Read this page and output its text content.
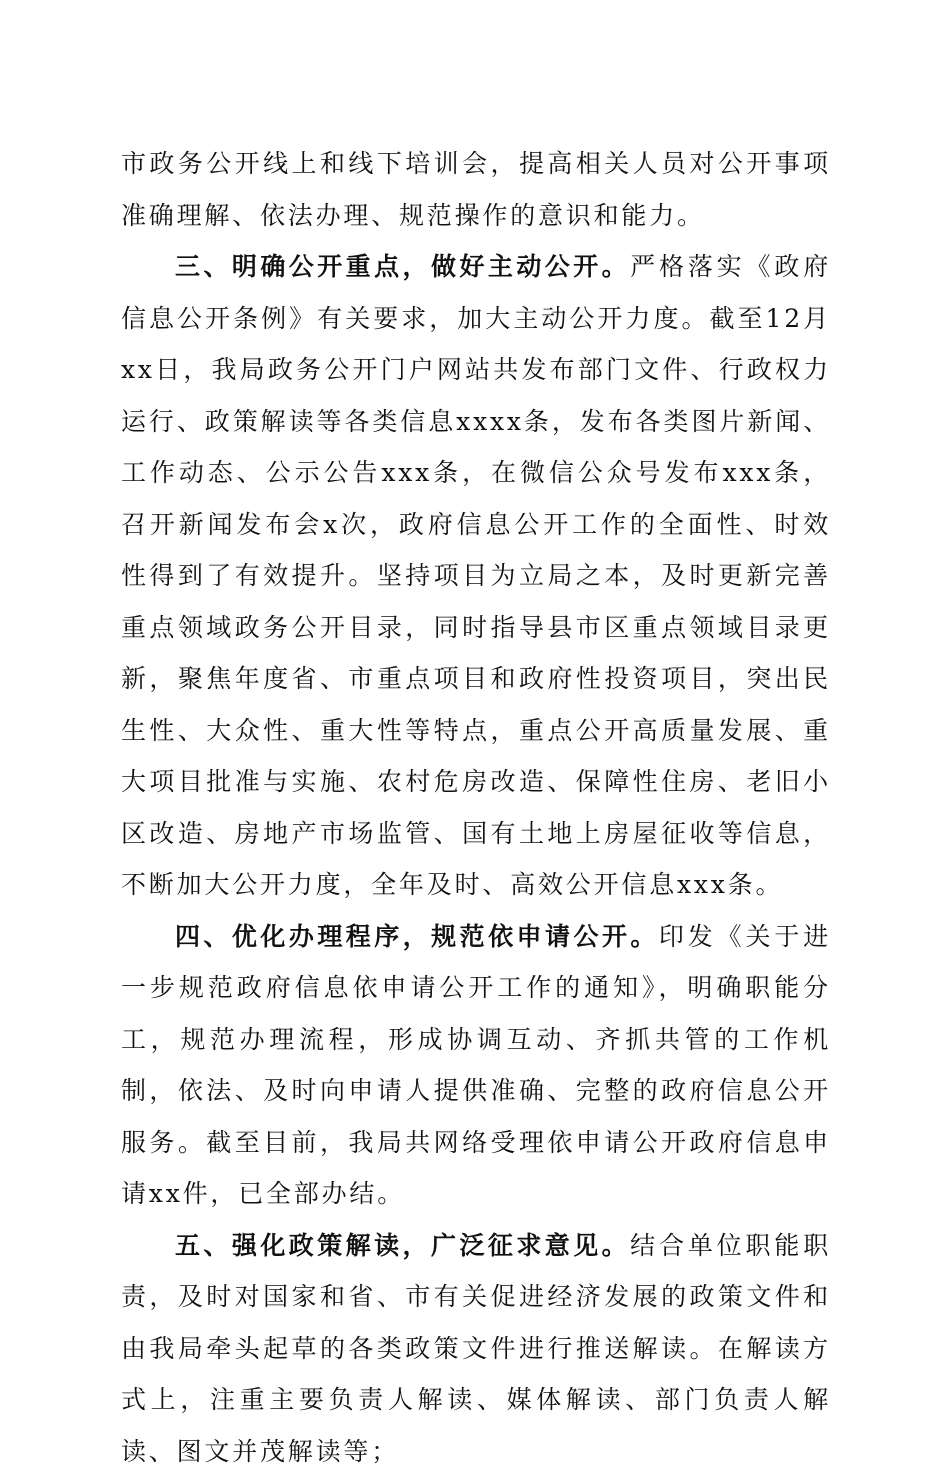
市政务公开线上和线下培训会，提高相关人员对公开事项准确理解、依法办理、规范操作的意识和能力。

三、明确公开重点，做好主动公开。严格落实《政府信息公开条例》有关要求，加大主动公开力度。截至12月xx日，我局政务公开门户网站共发布部门文件、行政权力运行、政策解读等各类信息xxxx条，发布各类图片新闻、工作动态、公示公告xxx条，在微信公众号发布xxx条，召开新闻发布会x次，政府信息公开工作的全面性、时效性得到了有效提升。坚持项目为立局之本，及时更新完善重点领域政务公开目录，同时指导县市区重点领域目录更新，聚焦年度省、市重点项目和政府性投资项目，突出民生性、大众性、重大性等特点，重点公开高质量发展、重大项目批准与实施、农村危房改造、保障性住房、老旧小区改造、房地产市场监管、国有土地上房屋征收等信息，不断加大公开力度，全年及时、高效公开信息xxx条。

四、优化办理程序，规范依申请公开。印发《关于进一步规范政府信息依申请公开工作的通知》，明确职能分工，规范办理流程，形成协调互动、齐抓共管的工作机制，依法、及时向申请人提供准确、完整的政府信息公开服务。截至目前，我局共网络受理依申请公开政府信息申请xx件，已全部办结。

五、强化政策解读，广泛征求意见。结合单位职能职责，及时对国家和省、市有关促进经济发展的政策文件和由我局牵头起草的各类政策文件进行推送解读。在解读方式上，注重主要负责人解读、媒体解读、部门负责人解读、图文并茂解读等；
